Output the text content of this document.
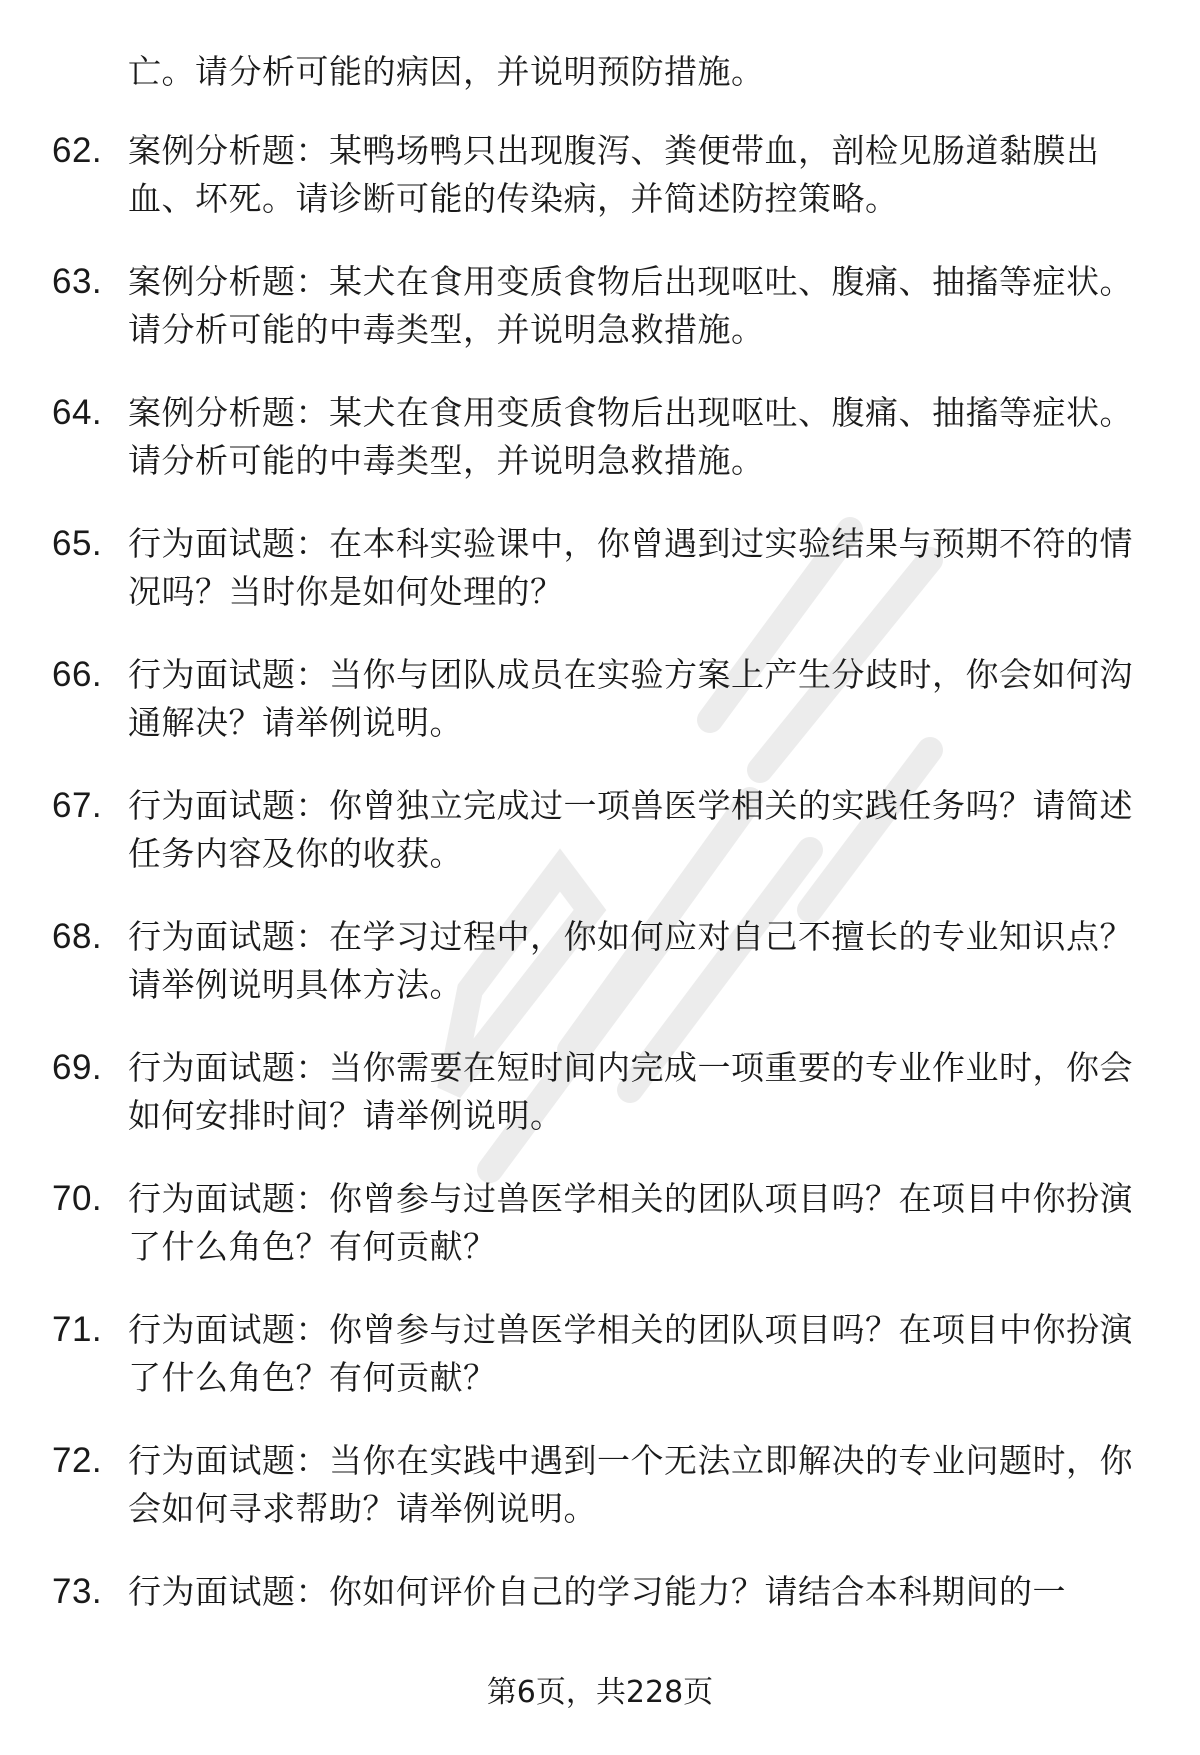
亡。请分析可能的病因，并说明预防措施。
62. 案例分析题：某鸭场鸭只出现腹泻、粪便带血，剖检见肠道黏膜出血、坏死。请诊断可能的传染病，并简述防控策略。
63. 案例分析题：某犬在食用变质食物后出现呕吐、腹痛、抽搐等症状。请分析可能的中毒类型，并说明急救措施。
64. 案例分析题：某犬在食用变质食物后出现呕吐、腹痛、抽搐等症状。请分析可能的中毒类型，并说明急救措施。
65. 行为面试题：在本科实验课中，你曾遇到过实验结果与预期不符的情况吗？当时你是如何处理的？
66. 行为面试题：当你与团队成员在实验方案上产生分歧时，你会如何沟通解决？请举例说明。
67. 行为面试题：你曾独立完成过一项兽医学相关的实践任务吗？请简述任务内容及你的收获。
68. 行为面试题：在学习过程中，你如何应对自己不擅长的专业知识点？请举例说明具体方法。
69. 行为面试题：当你需要在短时间内完成一项重要的专业作业时，你会如何安排时间？请举例说明。
70. 行为面试题：你曾参与过兽医学相关的团队项目吗？在项目中你扮演了什么角色？有何贡献？
71. 行为面试题：你曾参与过兽医学相关的团队项目吗？在项目中你扮演了什么角色？有何贡献？
72. 行为面试题：当你在实践中遇到一个无法立即解决的专业问题时，你会如何寻求帮助？请举例说明。
73. 行为面试题：你如何评价自己的学习能力？请结合本科期间的一
第6页，共228页
